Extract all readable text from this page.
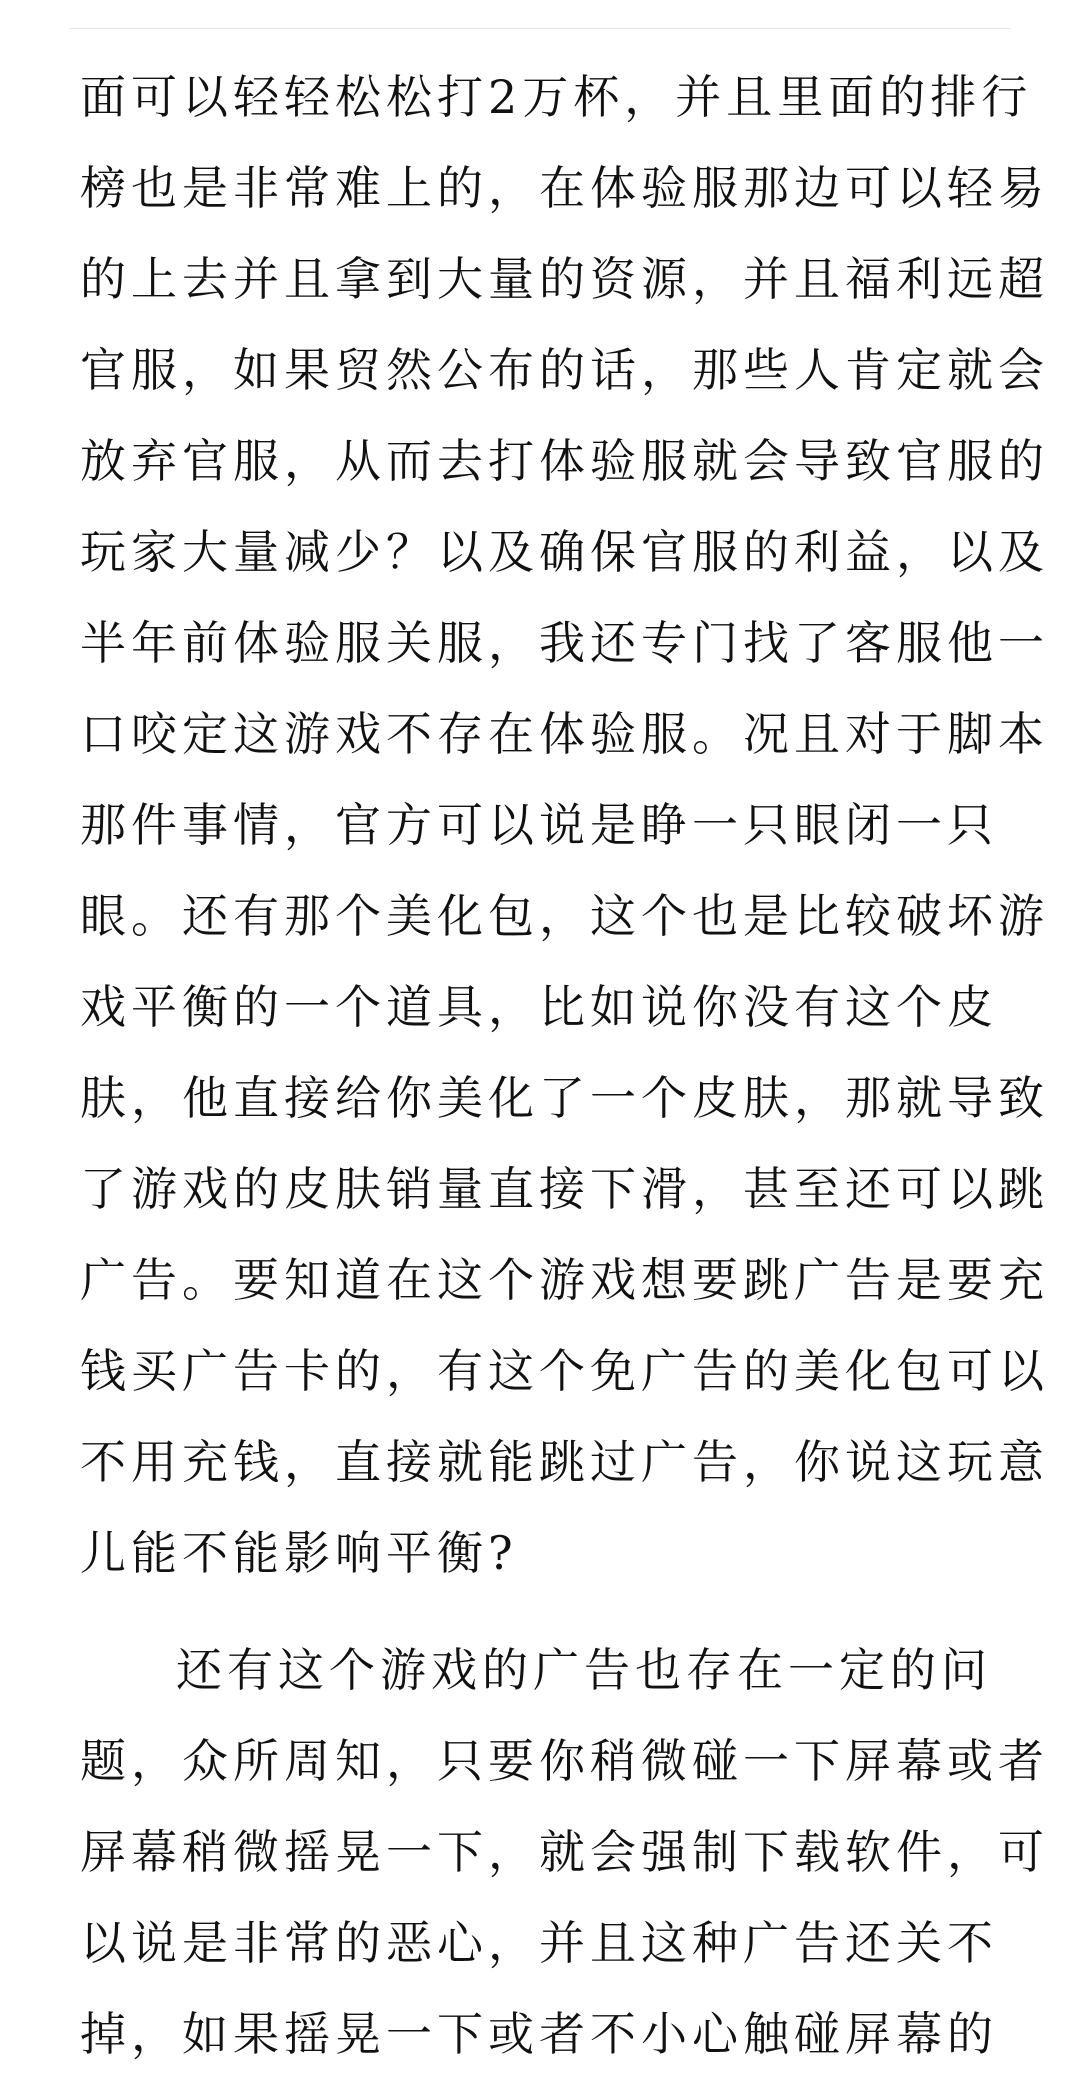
面可以轻轻松松打2万杯，并且里面的排行
榜也是非常难上的，在体验服那边可以轻易
的上去并且拿到大量的资源，并且福利远超
官服，如果贸然公布的话，那些人肯定就会
放弃官服，从而去打体验服就会导致官服的
玩家大量减少？以及确保官服的利益，以及
半年前体验服关服，我还专门找了客服他一
口咬定这游戏不存在体验服。况且对于脚本
那件事情，官方可以说是睁一只眼闭一只
眼。还有那个美化包，这个也是比较破坏游
戏平衡的一个道具，比如说你没有这个皮
肤，他直接给你美化了一个皮肤，那就导致
了游戏的皮肤销量直接下滑，甚至还可以跳
广告。要知道在这个游戏想要跳广告是要充
钱买广告卡的，有这个免广告的美化包可以
不用充钱，直接就能跳过广告，你说这玩意
儿能不能影响平衡?
还有这个游戏的广告也存在一定的问
题，众所周知，只要你稍微碰一下屏幕或者
屏幕稍微摇晃一下，就会强制下载软件，可
以说是非常的恶心，并且这种广告还关不
掉，如果摇晃一下或者不小心触碰屏幕的
